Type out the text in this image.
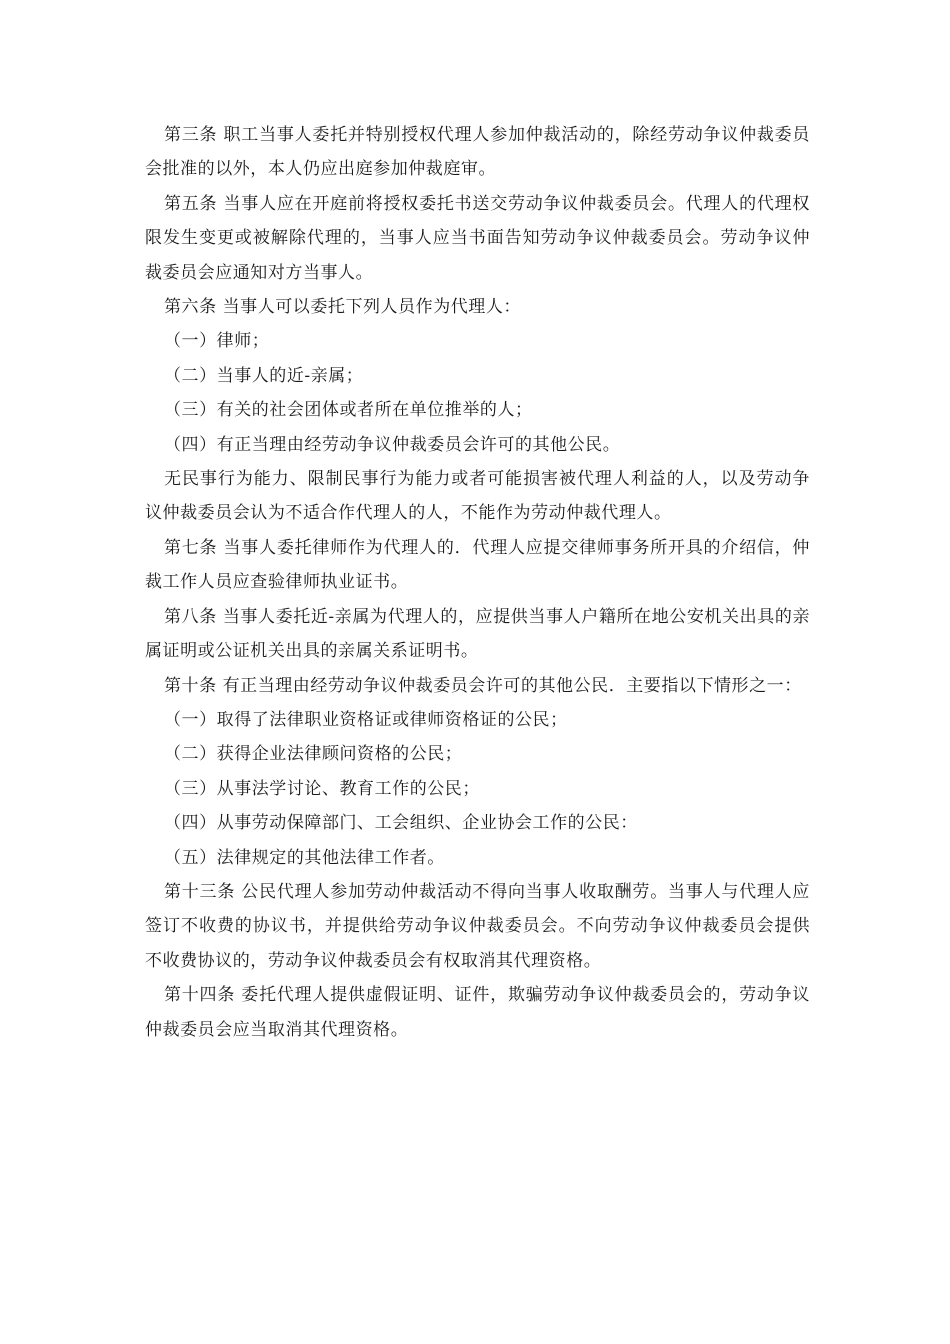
第三条 职工当事人委托并特别授权代理人参加仲裁活动的，除经劳动争议仲裁委员会批准的以外，本人仍应出庭参加仲裁庭审。

第五条 当事人应在开庭前将授权委托书送交劳动争议仲裁委员会。代理人的代理权限发生变更或被解除代理的，当事人应当书面告知劳动争议仲裁委员会。劳动争议仲裁委员会应通知对方当事人。

第六条 当事人可以委托下列人员作为代理人：

（一）律师；

（二）当事人的近-亲属；

（三）有关的社会团体或者所在单位推举的人；

（四）有正当理由经劳动争议仲裁委员会许可的其他公民。

无民事行为能力、限制民事行为能力或者可能损害被代理人利益的人，以及劳动争议仲裁委员会认为不适合作代理人的人，不能作为劳动仲裁代理人。

第七条 当事人委托律师作为代理人的．代理人应提交律师事务所开具的介绍信，仲裁工作人员应查验律师执业证书。

第八条 当事人委托近-亲属为代理人的，应提供当事人户籍所在地公安机关出具的亲属证明或公证机关出具的亲属关系证明书。

第十条 有正当理由经劳动争议仲裁委员会许可的其他公民．主要指以下情形之一：

（一）取得了法律职业资格证或律师资格证的公民；

（二）获得企业法律顾问资格的公民；

（三）从事法学讨论、教育工作的公民；

（四）从事劳动保障部门、工会组织、企业协会工作的公民：

（五）法律规定的其他法律工作者。

第十三条 公民代理人参加劳动仲裁活动不得向当事人收取酬劳。当事人与代理人应签订不收费的协议书，并提供给劳动争议仲裁委员会。不向劳动争议仲裁委员会提供不收费协议的，劳动争议仲裁委员会有权取消其代理资格。

第十四条 委托代理人提供虚假证明、证件，欺骗劳动争议仲裁委员会的，劳动争议仲裁委员会应当取消其代理资格。
